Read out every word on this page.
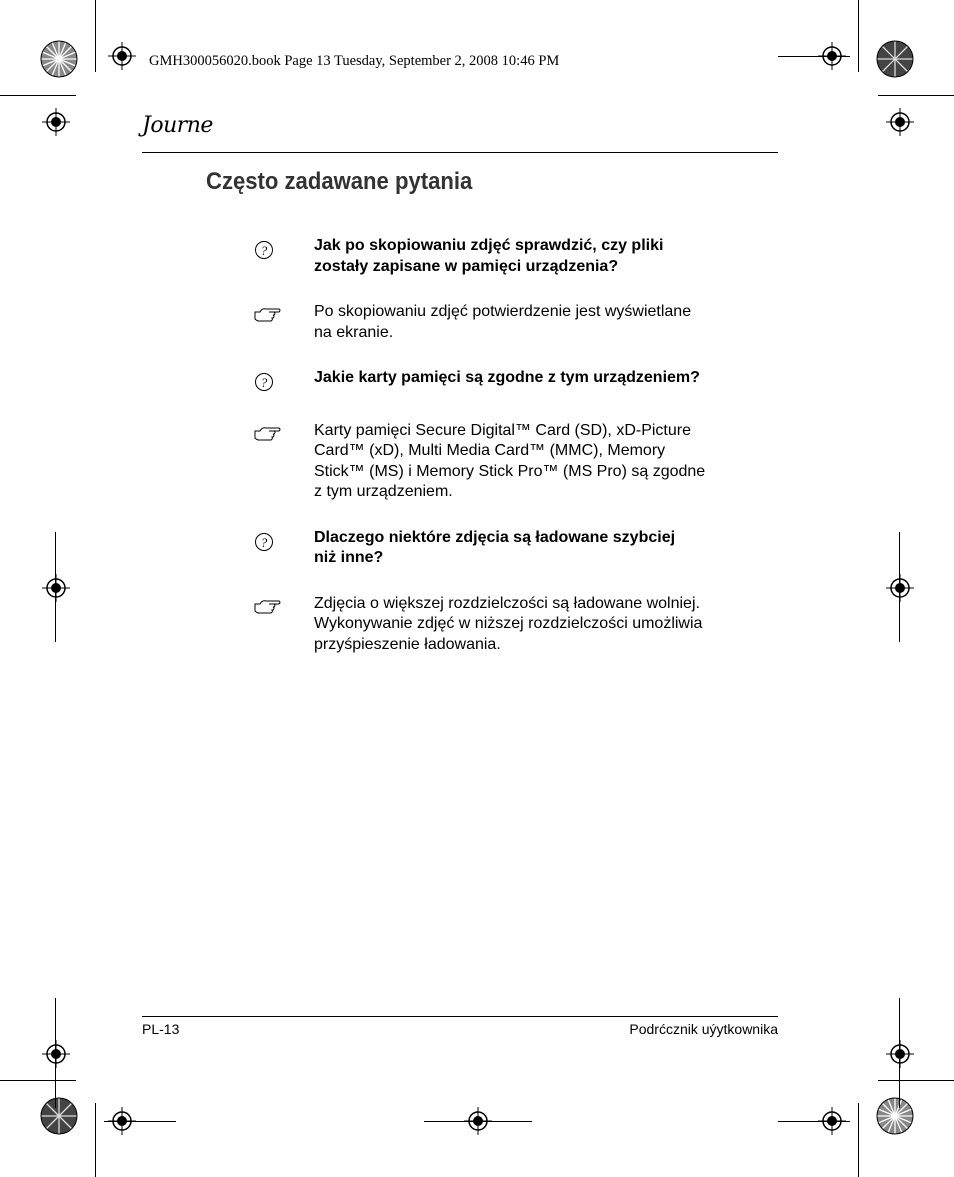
GMH300056020.book Page 13 Tuesday, September 2, 2008 10:46 PM
Journe
Często zadawane pytania
?	Jak po skopiowaniu zdjęć sprawdzić, czy pliki
zostały zapisane w pamięci urządzenia?
Po skopiowaniu zdjęć potwierdzenie jest wyświetlane
na ekranie.
?	Jakie karty pamięci są zgodne z tym urządzeniem?
Karty pamięci Secure Digital™ Card (SD), xD-Picture
Card™ (xD), Multi Media Card™ (MMC), Memory
Stick™ (MS) i Memory Stick Pro™ (MS Pro) są zgodne
z tym urządzeniem.
?	Dlaczego niektóre zdjęcia są ładowane szybciej
niż inne?
Zdjęcia o większej rozdzielczości są ładowane wolniej.
Wykonywanie zdjęć w niższej rozdzielczości umożliwia
przyśpieszenie ładowania.
PL-13	Podrćcznik uýytkownika
